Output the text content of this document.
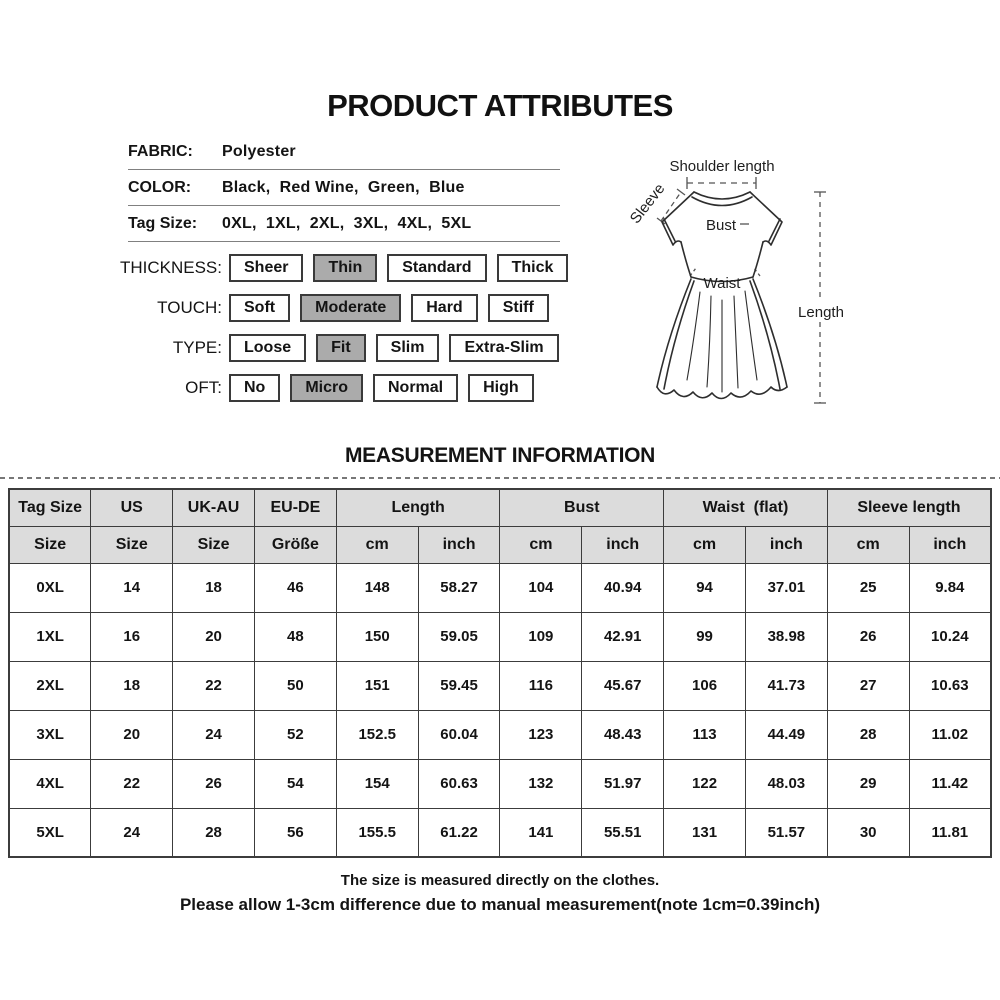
PRODUCT ATTRIBUTES
FABRIC:	Polyester
COLOR:	Black,  Red Wine,  Green,  Blue
Tag Size:	0XL,  1XL,  2XL,  3XL,  4XL,  5XL
THICKNESS:	Sheer	Thin	Standard	Thick
TOUCH:	Soft	Moderate	Hard	Stiff
TYPE:	Loose	Fit	Slim	Extra-Slim
OFT:	No	Micro	Normal	High
Shoulder length
Sleeve	Bust
Waist
Length
MEASUREMENT INFORMATION
Tag Size	US	UK-AU	EU-DE	Length		Bust		Waist  (flat)		Sleeve length	
Size	Size	Size	Größe	cm	inch	cm	inch	cm	inch	cm	inch
0XL	14	18	46	148	58.27	104	40.94	94	37.01	25	9.84
1XL	16	20	48	150	59.05	109	42.91	99	38.98	26	10.24
2XL	18	22	50	151	59.45	116	45.67	106	41.73	27	10.63
3XL	20	24	52	152.5	60.04	123	48.43	113	44.49	28	11.02
4XL	22	26	54	154	60.63	132	51.97	122	48.03	29	11.42
5XL	24	28	56	155.5	61.22	141	55.51	131	51.57	30	11.81
The size is measured directly on the clothes.
Please allow 1-3cm difference due to manual measurement(note 1cm=0.39inch)
